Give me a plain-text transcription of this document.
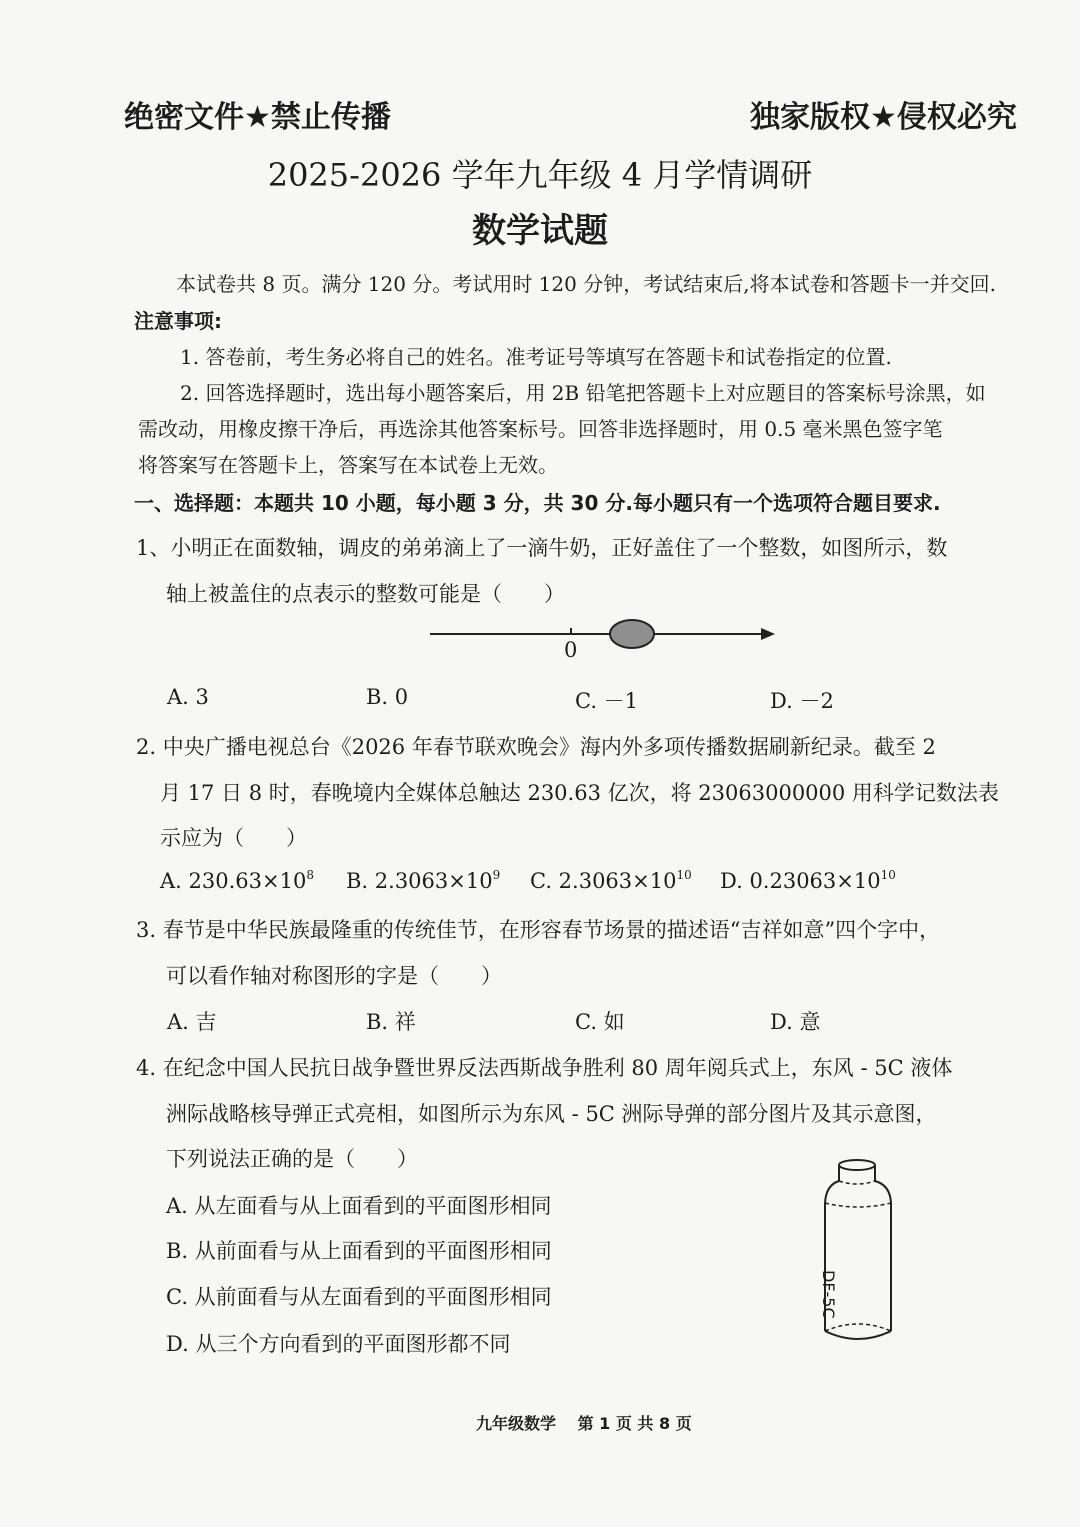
绝密文件★禁止传播	独家版权★侵权必究
2025-2026 学年九年级 4 月学情调研
数学试题
本试卷共 8 页。满分 120 分。考试用时 120 分钟，考试结束后,将本试卷和答题卡一并交回.
注意事项:
1. 答卷前，考生务必将自己的姓名。准考证号等填写在答题卡和试卷指定的位置.
2. 回答选择题时，选出每小题答案后，用 2B 铅笔把答题卡上对应题目的答案标号涂黑，如
需改动，用橡皮擦干净后，再选涂其他答案标号。回答非选择题时，用 0.5 毫米黑色签字笔
将答案写在答题卡上，答案写在本试卷上无效。
一、选择题：本题共 10 小题，每小题 3 分，共 30 分.每小题只有一个选项符合题目要求.
1、小明正在面数轴，调皮的弟弟滴上了一滴牛奶，正好盖住了一个整数，如图所示，数
轴上被盖住的点表示的整数可能是（　　）
0
A. 3	B. 0	C. －1	D. －2
2. 中央广播电视总台《2026 年春节联欢晚会》海内外多项传播数据刷新纪录。截至 2
月 17 日 8 时，春晚境内全媒体总触达 230.63 亿次，将 23063000000 用科学记数法表
示应为（　　）
A. $230.63\times 10^8$ B. $2.3063\times 10^9$ C. $2.3063\times 10^{10}$ D. $0.23063\times 10^{10}$
3. 春节是中华民族最隆重的传统佳节，在形容春节场景的描述语“吉祥如意”四个字中，
可以看作轴对称图形的字是（　　）
A. 吉	B. 祥	C. 如	D. 意
4. 在纪念中国人民抗日战争暨世界反法西斯战争胜利 80 周年阅兵式上，东风 - 5C 液体
洲际战略核导弹正式亮相，如图所示为东风 - 5C 洲际导弹的部分图片及其示意图，
下列说法正确的是（　　）
A. 从左面看与从上面看到的平面图形相同
B. 从前面看与从上面看到的平面图形相同
C. 从前面看与从左面看到的平面图形相同
D. 从三个方向看到的平面图形都不同
DF-5C
九年级数学　 第 1 页 共 8 页
